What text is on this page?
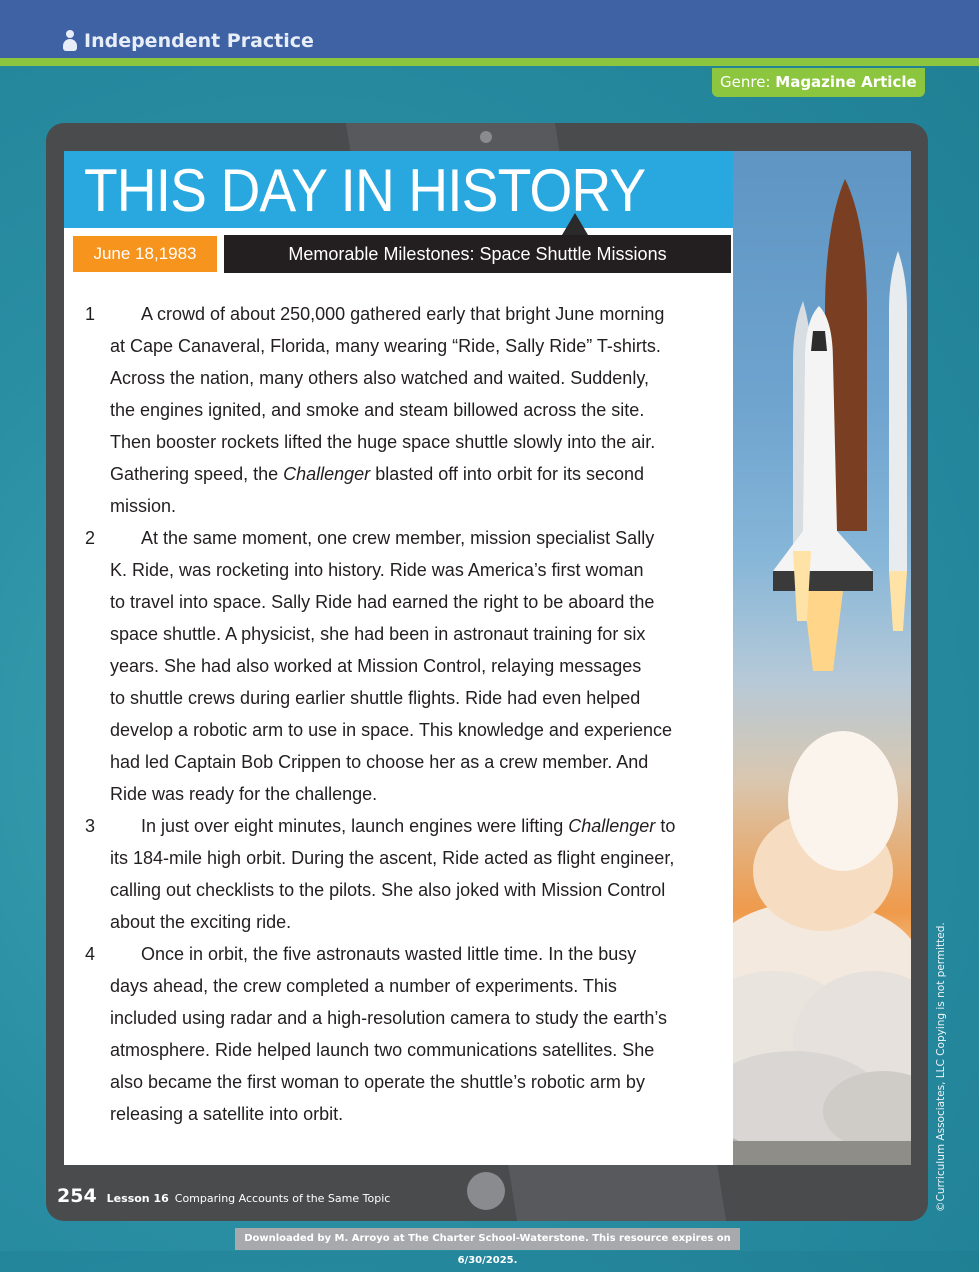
Independent Practice
Genre: Magazine Article
THIS DAY IN HISTORY
June 18,1983	Memorable Milestones: Space Shuttle Missions
1	A crowd of about 250,000 gathered early that bright June morning
at Cape Canaveral, Florida, many wearing “Ride, Sally Ride” T-shirts.
Across the nation, many others also watched and waited. Suddenly,
the engines ignited, and smoke and steam billowed across the site.
Then booster rockets lifted the huge space shuttle slowly into the air.
Gathering speed, the Challenger blasted off into orbit for its second
mission.
2	At the same moment, one crew member, mission specialist Sally
K. Ride, was rocketing into history. Ride was America’s first woman
to travel into space. Sally Ride had earned the right to be aboard the
space shuttle. A physicist, she had been in astronaut training for six
years. She had also worked at Mission Control, relaying messages
to shuttle crews during earlier shuttle flights. Ride had even helped
develop a robotic arm to use in space. This knowledge and experience
had led Captain Bob Crippen to choose her as a crew member. And
Ride was ready for the challenge.
3	In just over eight minutes, launch engines were lifting Challenger to
its 184-mile high orbit. During the ascent, Ride acted as flight engineer,
calling out checklists to the pilots. She also joked with Mission Control
about the exciting ride.
4	Once in orbit, the five astronauts wasted little time. In the busy
days ahead, the crew completed a number of experiments. This
included using radar and a high-resolution camera to study the earth’s
atmosphere. Ride helped launch two communications satellites. She
also became the first woman to operate the shuttle’s robotic arm by
releasing a satellite into orbit.	©Curriculum Associates, LLC Copying is not permitted.
254 Lesson 16 Comparing Accounts of the Same Topic
Downloaded by M. Arroyo at The Charter School-Waterstone. This resource expires on 6/30/2025.
